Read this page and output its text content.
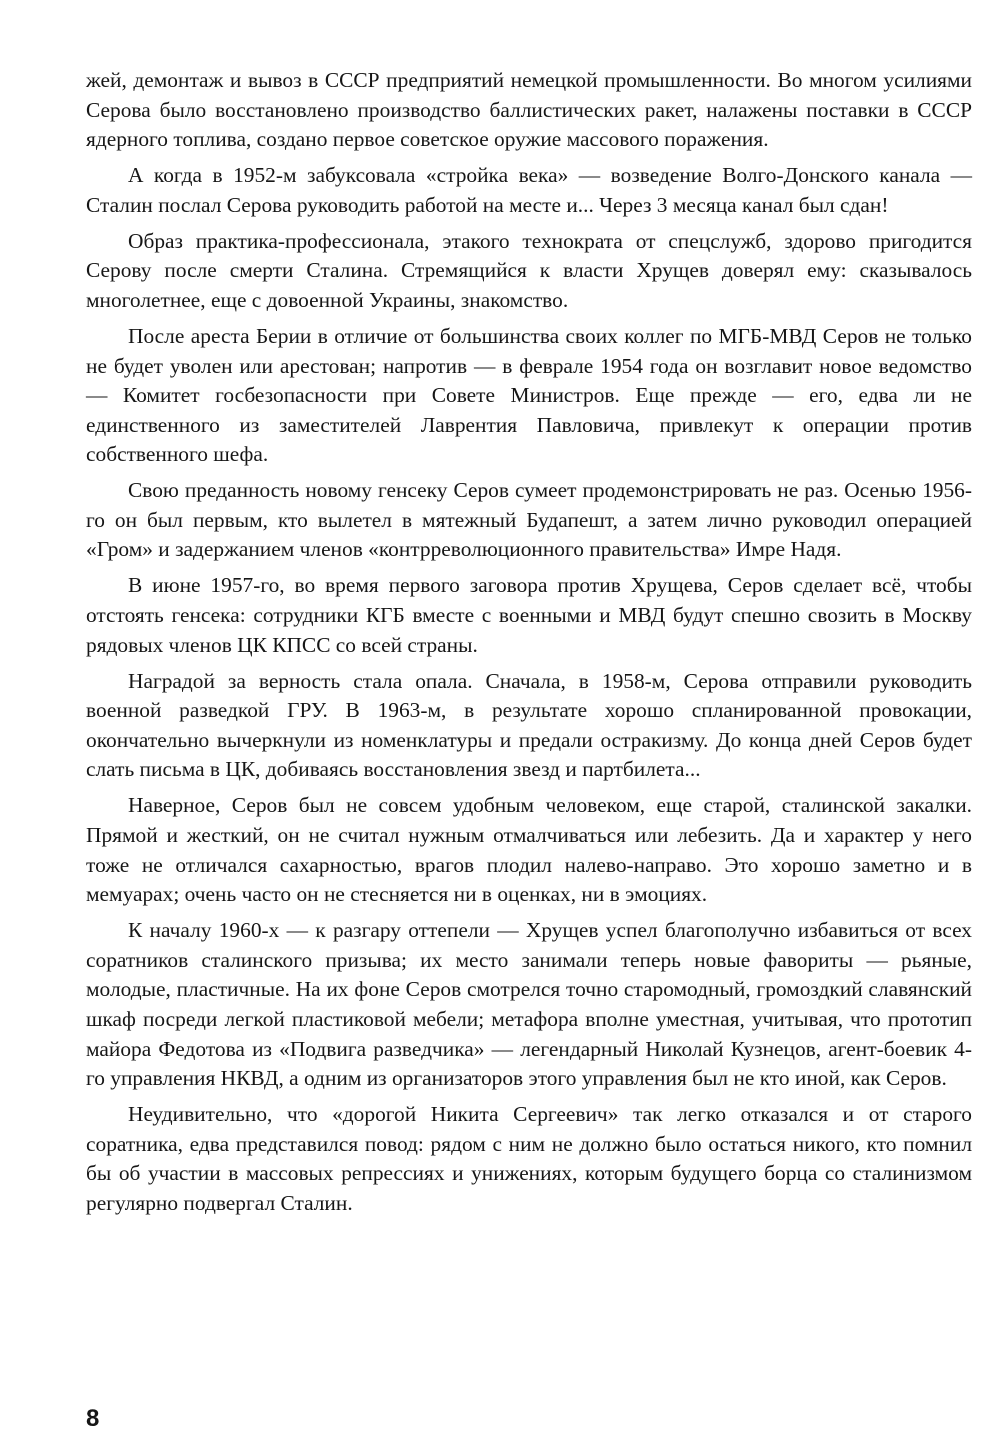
жей, демонтаж и вывоз в СССР предприятий немецкой промышленности. Во многом усилиями Серова было восстановлено производство баллистических ракет, налажены поставки в СССР ядерного топлива, создано первое советское оружие массового поражения.

А когда в 1952-м забуксовала «стройка века» — возведение Волго-Донского канала — Сталин послал Серова руководить работой на месте и... Через 3 месяца канал был сдан!

Образ практика-профессионала, этакого технократа от спецслужб, здорово пригодится Серову после смерти Сталина. Стремящийся к власти Хрущев доверял ему: сказывалось многолетнее, еще с довоенной Украины, знакомство.

После ареста Берии в отличие от большинства своих коллег по МГБ-МВД Серов не только не будет уволен или арестован; напротив — в феврале 1954 года он возглавит новое ведомство — Комитет госбезопасности при Совете Министров. Еще прежде — его, едва ли не единственного из заместителей Лаврентия Павловича, привлекут к операции против собственного шефа.

Свою преданность новому генсеку Серов сумеет продемонстрировать не раз. Осенью 1956-го он был первым, кто вылетел в мятежный Будапешт, а затем лично руководил операцией «Гром» и задержанием членов «контрреволюционного правительства» Имре Надя.

В июне 1957-го, во время первого заговора против Хрущева, Серов сделает всё, чтобы отстоять генсека: сотрудники КГБ вместе с военными и МВД будут спешно свозить в Москву рядовых членов ЦК КПСС со всей страны.

Наградой за верность стала опала. Сначала, в 1958-м, Серова отправили руководить военной разведкой ГРУ. В 1963-м, в результате хорошо спланированной провокации, окончательно вычеркнули из номенклатуры и предали остракизму. До конца дней Серов будет слать письма в ЦК, добиваясь восстановления звезд и партбилета...

Наверное, Серов был не совсем удобным человеком, еще старой, сталинской закалки. Прямой и жесткий, он не считал нужным отмалчиваться или лебезить. Да и характер у него тоже не отличался сахарностью, врагов плодил налево-направо. Это хорошо заметно и в мемуарах; очень часто он не стесняется ни в оценках, ни в эмоциях.

К началу 1960-х — к разгару оттепели — Хрущев успел благополучно избавиться от всех соратников сталинского призыва; их место занимали теперь новые фавориты — рьяные, молодые, пластичные. На их фоне Серов смотрелся точно старомодный, громоздкий славянский шкаф посреди легкой пластиковой мебели; метафора вполне уместная, учитывая, что прототип майора Федотова из «Подвига разведчика» — легендарный Николай Кузнецов, агент-боевик 4-го управления НКВД, а одним из организаторов этого управления был не кто иной, как Серов.

Неудивительно, что «дорогой Никита Сергеевич» так легко отказался и от старого соратника, едва представился повод: рядом с ним не должно было остаться никого, кто помнил бы об участии в массовых репрессиях и унижениях, которым будущего борца со сталинизмом регулярно подвергал Сталин.

8
